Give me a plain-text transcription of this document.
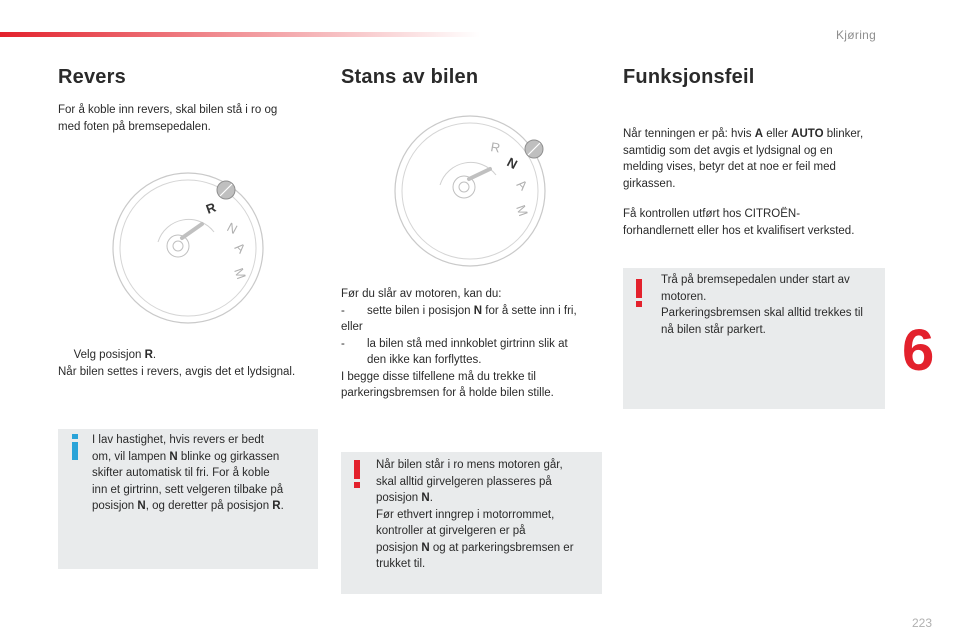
Kjøring
6
223
Revers
For å koble inn revers, skal bilen stå i ro og
med foten på bremsepedalen.
R
N
A
M
Velg posisjon R.
Når bilen settes i revers, avgis det et lydsignal.
I lav hastighet, hvis revers er bedt
om, vil lampen N blinke og girkassen
skifter automatisk til fri. For å koble
inn et girtrinn, sett velgeren tilbake på
posisjon N, og deretter på posisjon R.
Stans av bilen
R
N
A
M
Før du slår av motoren, kan du:
- sette bilen i posisjon N for å sette inn i fri,
eller
- la bilen stå med innkoblet girtrinn slik at
den ikke kan forflyttes.
I begge disse tilfellene må du trekke til
parkeringsbremsen for å holde bilen stille.
Når bilen står i ro mens motoren går,
skal alltid girvelgeren plasseres på
posisjon N.
Før ethvert inngrep i motorrommet,
kontroller at girvelgeren er på
posisjon N og at parkeringsbremsen er
trukket til.
Funksjonsfeil
Når tenningen er på: hvis A eller AUTO blinker,
samtidig som det avgis et lydsignal og en
melding vises, betyr det at noe er feil med
girkassen.
Få kontrollen utført hos CITROËN-
forhandlernett eller hos et kvalifisert verksted.
Trå på bremsepedalen under start av
motoren.
Parkeringsbremsen skal alltid trekkes til
nå bilen står parkert.
